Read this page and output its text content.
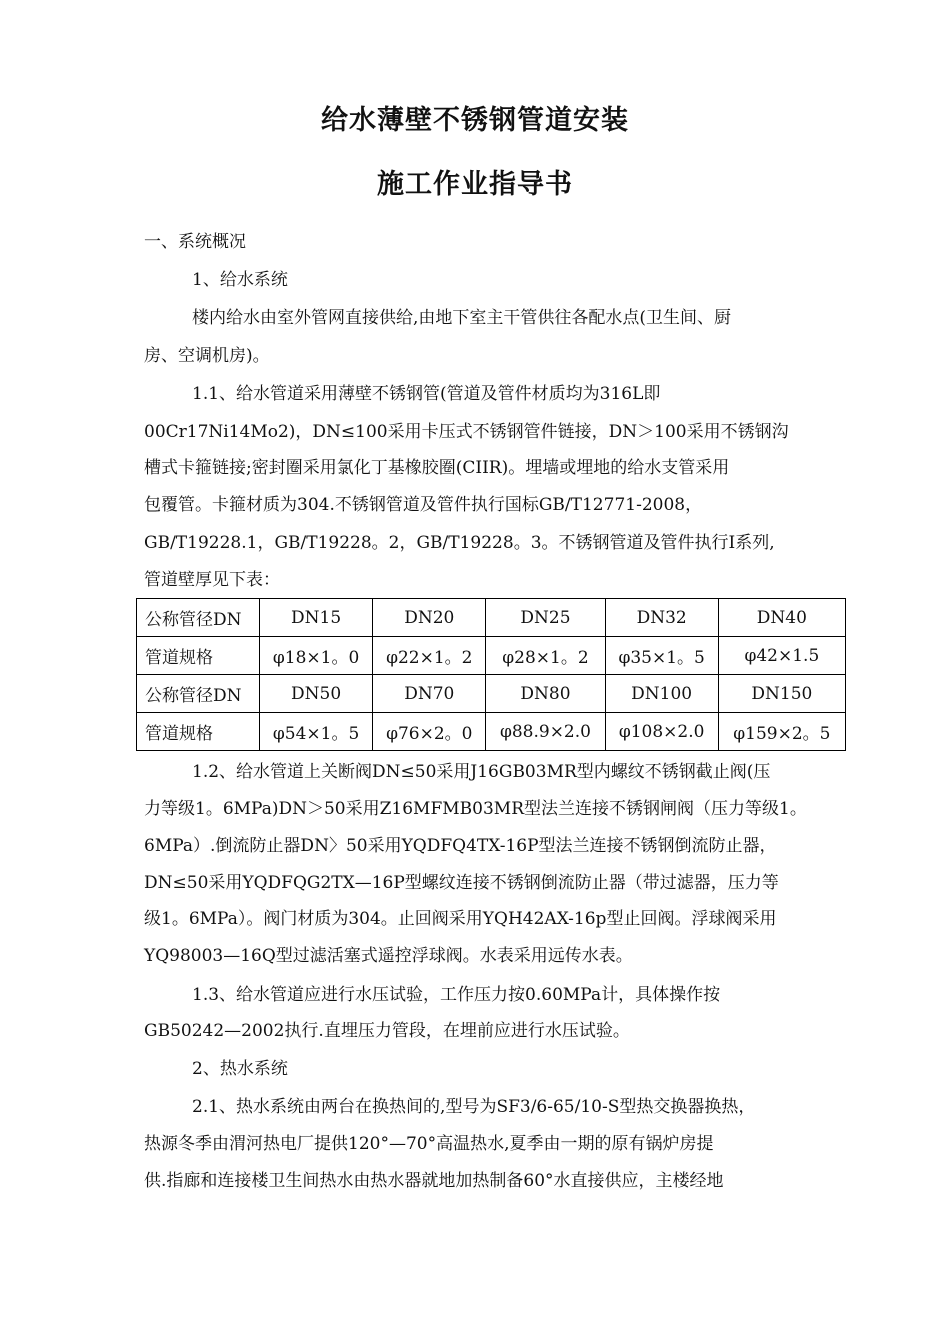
给水薄壁不锈钢管道安装
施工作业指导书
一、系统概况
1、给水系统
楼内给水由室外管网直接供给,由地下室主干管供往各配水点(卫生间、厨
房、空调机房)。
1.1、给水管道采用薄壁不锈钢管(管道及管件材质均为316L即
00Cr17Ni14Mo2)，DN≤100采用卡压式不锈钢管件链接，DN＞100采用不锈钢沟
槽式卡箍链接;密封圈采用氯化丁基橡胶圈(CIIR)。埋墙或埋地的给水支管采用
包覆管。卡箍材质为304.不锈钢管道及管件执行国标GB/T12771-2008，
GB/T19228.1，GB/T19228。2，GB/T19228。3。不锈钢管道及管件执行Ⅰ系列,
管道壁厚见下表：
公称管径DN	DN15	DN20	DN25	DN32	DN40
管道规格	φ18×1。0	φ22×1。2	φ28×1。2	φ35×1。5	φ42×1.5
公称管径DN	DN50	DN70	DN80	DN100	DN150
管道规格	φ54×1。5	φ76×2。0	φ88.9×2.0	φ108×2.0	φ159×2。5
1.2、给水管道上关断阀DN≤50采用J16GB03MR型内螺纹不锈钢截止阀(压
力等级1。6MPa)DN＞50采用Z16MFMB03MR型法兰连接不锈钢闸阀（压力等级1。
6MPa）.倒流防止器DN〉50采用YQDFQ4TX-16P型法兰连接不锈钢倒流防止器，
DN≤50采用YQDFQG2TX—16P型螺纹连接不锈钢倒流防止器（带过滤器，压力等
级1。6MPa）。阀门材质为304。止回阀采用YQH42AX-16p型止回阀。浮球阀采用
YQ98003—16Q型过滤活塞式遥控浮球阀。水表采用远传水表。
1.3、给水管道应进行水压试验，工作压力按0.60MPa计，具体操作按
GB50242—2002执行.直埋压力管段，在埋前应进行水压试验。
2、热水系统
2.1、热水系统由两台在换热间的,型号为SF3/6-65/10-S型热交换器换热，
热源冬季由渭河热电厂提供120°—70°高温热水,夏季由一期的原有锅炉房提
供.指廊和连接楼卫生间热水由热水器就地加热制备60°水直接供应，主楼经地
